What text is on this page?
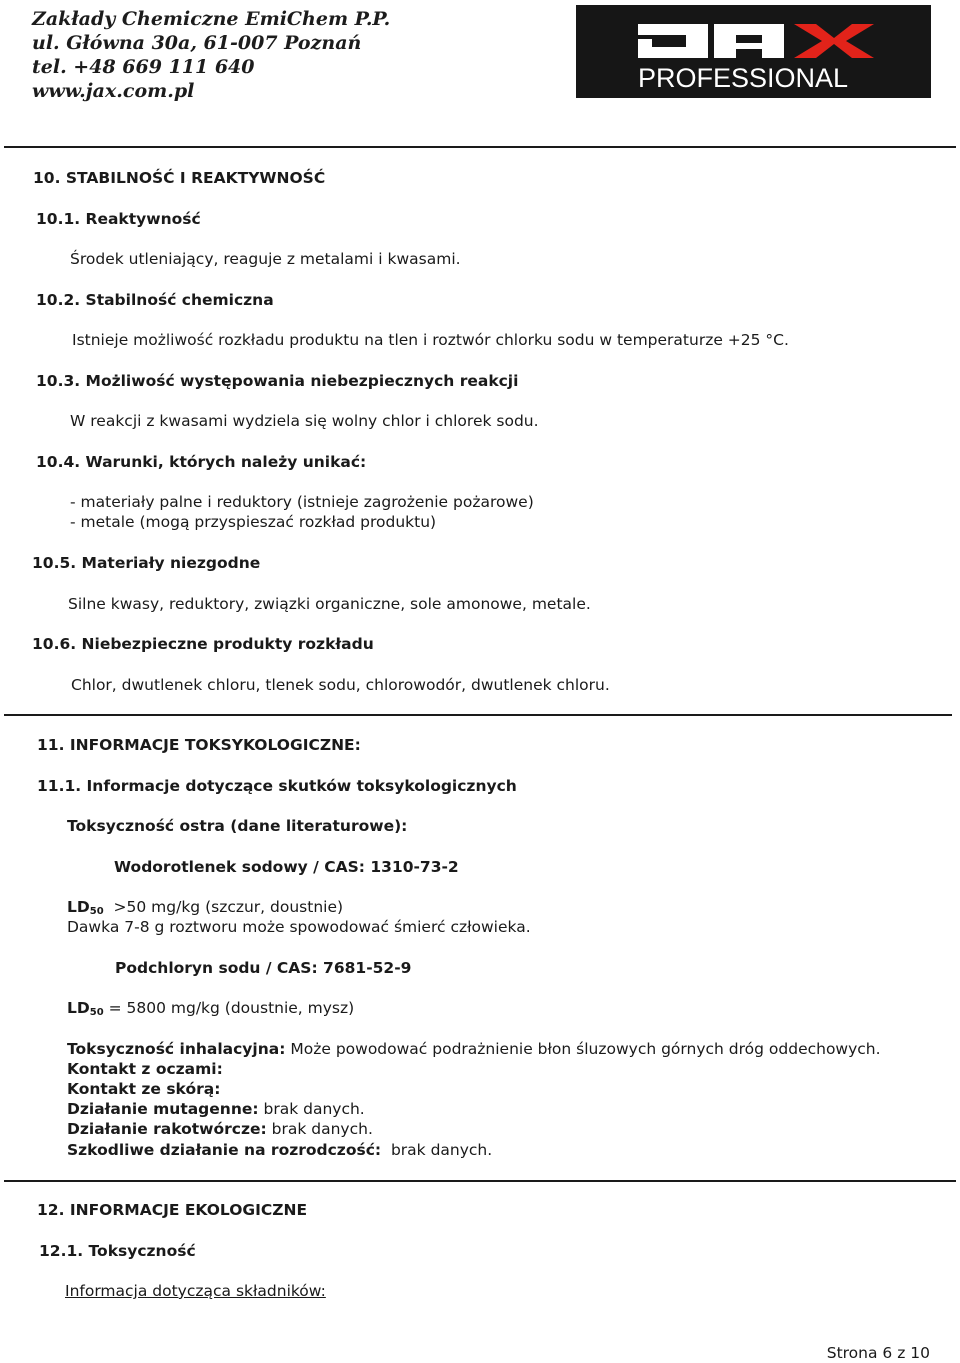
Zakłady Chemiczne EmiChem P.P.
ul. Główna 30a, 61-007 Poznań
tel. +48 669 111 640
www.jax.com.pl	PROFESSIONAL
10. STABILNOŚĆ I REAKTYWNOŚĆ
10.1. Reaktywność
Środek utleniający, reaguje z metalami i kwasami.
10.2. Stabilność chemiczna
Istnieje możliwość rozkładu produktu na tlen i roztwór chlorku sodu w temperaturze +25 °C.
10.3. Możliwość występowania niebezpiecznych reakcji
W reakcji z kwasami wydziela się wolny chlor i chlorek sodu.
10.4. Warunki, których należy unikać:
- materiały palne i reduktory (istnieje zagrożenie pożarowe)
- metale (mogą przyspieszać rozkład produktu)
10.5. Materiały niezgodne
Silne kwasy, reduktory, związki organiczne, sole amonowe, metale.
10.6. Niebezpieczne produkty rozkładu
Chlor, dwutlenek chloru, tlenek sodu, chlorowodór, dwutlenek chloru.
11. INFORMACJE TOKSYKOLOGICZNE:
11.1. Informacje dotyczące skutków toksykologicznych
Toksyczność ostra (dane literaturowe):
Wodorotlenek sodowy / CAS: 1310-73-2
$LD_{50} >50$ mg/kg (szczur, doustnie)
Dawka 7-8 g roztworu może spowodować śmierć człowieka.
Podchloryn sodu / CAS: 7681-52-9
$LD_{50} = 5800$ mg/kg (doustnie, mysz)
Toksyczność inhalacyjna: Może powodować podrażnienie błon śluzowych górnych dróg oddechowych.
Kontakt z oczami:
Kontakt ze skórą:
Działanie mutagenne: brak danych.
Działanie rakotwórcze: brak danych.
Szkodliwe działanie na rozrodczość: brak danych.
12. INFORMACJE EKOLOGICZNE
12.1. Toksyczność
Informacja dotycząca składników:
Strona 6 z 10
